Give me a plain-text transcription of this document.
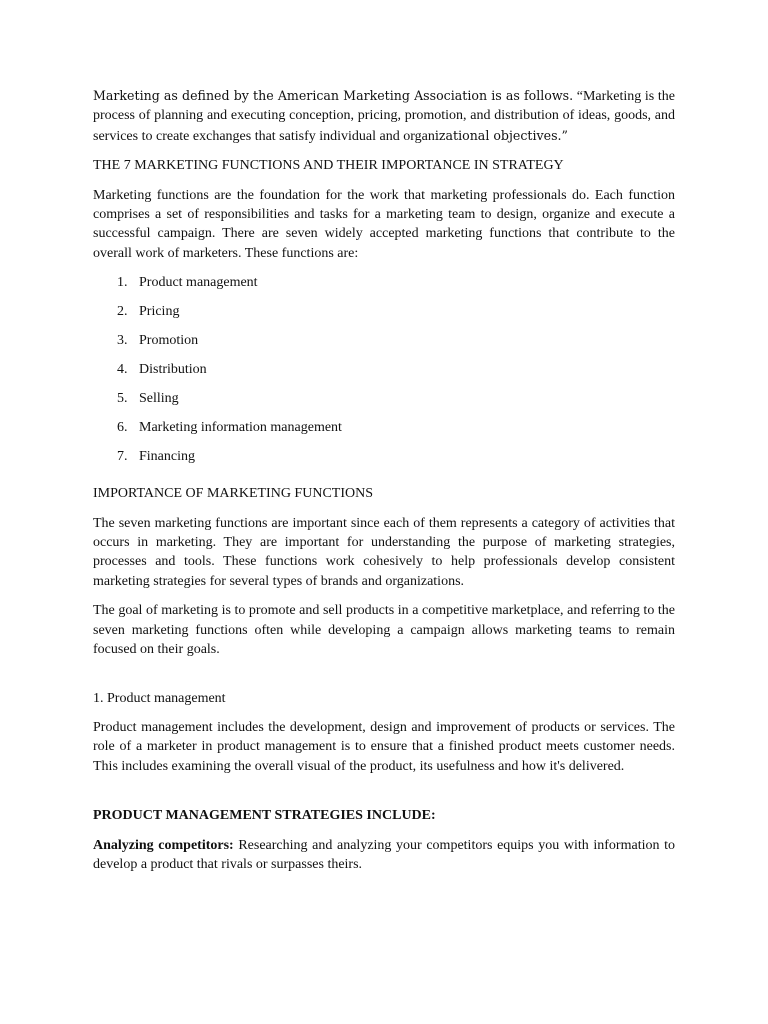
Marketing as defined by the American Marketing Association is as follows. “Marketing is the process of planning and executing conception, pricing, promotion, and distribution of ideas, goods, and services to create exchanges that satisfy individual and organizational objectives.”

THE 7 MARKETING FUNCTIONS AND THEIR IMPORTANCE IN STRATEGY

Marketing functions are the foundation for the work that marketing professionals do. Each function comprises a set of responsibilities and tasks for a marketing team to design, organize and execute a successful campaign. There are seven widely accepted marketing functions that contribute to the overall work of marketers. These functions are:

1. Product management
2. Pricing
3. Promotion
4. Distribution
5. Selling
6. Marketing information management
7. Financing

IMPORTANCE OF MARKETING FUNCTIONS

The seven marketing functions are important since each of them represents a category of activities that occurs in marketing. They are important for understanding the purpose of marketing strategies, processes and tools. These functions work cohesively to help professionals develop consistent marketing strategies for several types of brands and organizations.

The goal of marketing is to promote and sell products in a competitive marketplace, and referring to the seven marketing functions often while developing a campaign allows marketing teams to remain focused on their goals.

1. Product management

Product management includes the development, design and improvement of products or services. The role of a marketer in product management is to ensure that a finished product meets customer needs. This includes examining the overall visual of the product, its usefulness and how it's delivered.

PRODUCT MANAGEMENT STRATEGIES INCLUDE:

Analyzing competitors: Researching and analyzing your competitors equips you with information to develop a product that rivals or surpasses theirs.
